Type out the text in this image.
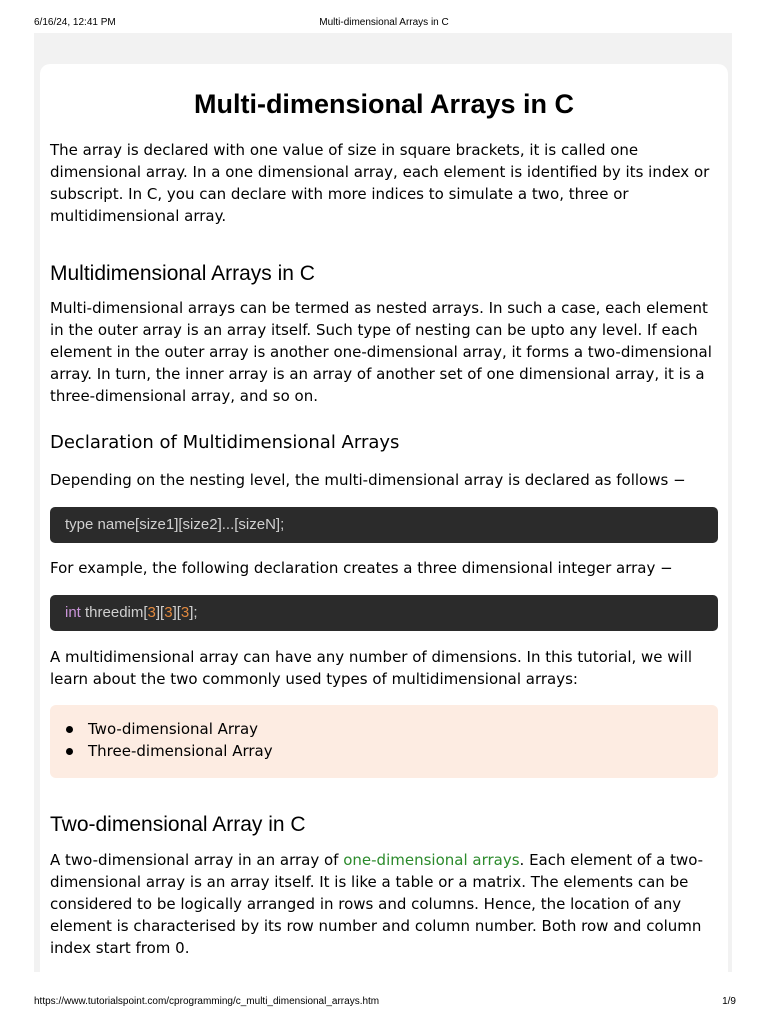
6/16/24, 12:41 PM	Multi-dimensional Arrays in C
Multi-dimensional Arrays in C

The array is declared with one value of size in square brackets, it is called one dimensional array. In a one dimensional array, each element is identified by its index or subscript. In C, you can declare with more indices to simulate a two, three or multidimensional array.

Multidimensional Arrays in C

Multi-dimensional arrays can be termed as nested arrays. In such a case, each element in the outer array is an array itself. Such type of nesting can be upto any level. If each element in the outer array is another one-dimensional array, it forms a two-dimensional array. In turn, the inner array is an array of another set of one dimensional array, it is a three-dimensional array, and so on.

Declaration of Multidimensional Arrays

Depending on the nesting level, the multi-dimensional array is declared as follows −

type name[size1][size2]...[sizeN];

For example, the following declaration creates a three dimensional integer array −

int threedim[3][3][3];

A multidimensional array can have any number of dimensions. In this tutorial, we will learn about the two commonly used types of multidimensional arrays:

Two-dimensional Array
Three-dimensional Array
Two-dimensional Array in C

A two-dimensional array in an array of one-dimensional arrays. Each element of a two-dimensional array is an array itself. It is like a table or a matrix. The elements can be considered to be logically arranged in rows and columns. Hence, the location of any element is characterised by its row number and column number. Both row and column index start from 0.

https://www.tutorialspoint.com/cprogramming/c_multi_dimensional_arrays.htm	1/9
